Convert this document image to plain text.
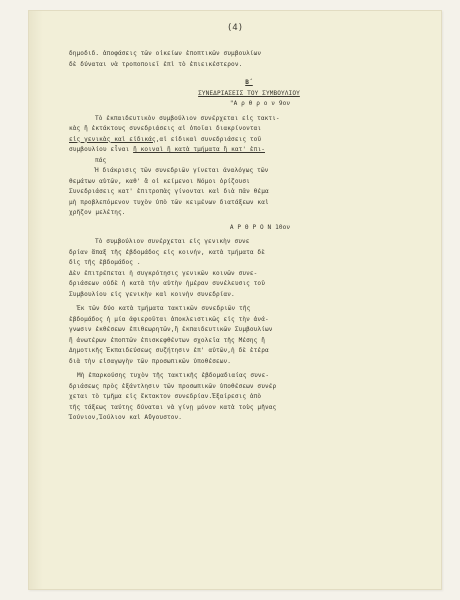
(4)
δημοδιδ. ἀποφάσεις τῶν οἰκείων ἐποπτικῶν συμβουλίων
δὲ δύναται νὰ τροποποιεῖ ἐπὶ τὸ ἐπιεικέστερον.
Β΄
ΣΥΝΕΔΡΙΑΣΕΙΣ ΤΟΥ ΣΥΜΒΟΥΛΙΟΥ
"Α ρ θ ρ ο ν 9ον
Τὸ ἐκπαιδευτικὸν συμβούλιον συνέρχεται εἰς τακτι-
κὰς ἢ ἐκτάκτους συνεδριάσεις αἱ ὁποῖαι διακρίνονται
εἰς γενικὰς καὶ εἰδικάς,αἱ εἰδικαὶ συνεδριάσεις τοῦ
συμβουλίου εἶναι ἢ κοιναὶ ἢ κατὰ τμήματα ἢ κατ' ἐπι-
πάς
Ἡ διάκρισις τῶν συνεδριῶν γίνεται ἀναλόγως τῶν
θεμάτων αὐτῶν, καθ' ἃ οἱ κείμενοι Νόμοι ὁρίζουσι
Συνεδριάσεις κατ' ἐπιτροπὰς γίνονται καὶ διὰ πᾶν θέμα
μὴ προβλεπόμενον τυχὸν ὑπὸ τῶν κειμένων διατάξεων καὶ
χρῆζον μελέτης.
Α Ρ Θ Ρ Ο Ν 10ον
Τὸ συμβούλιον συνέρχεται εἰς γενικὴν συνε
δρίαν ἅπαξ τῆς ἑβδομάδος εἰς κοινήν, κατὰ τμήματα δὲ
δὶς τῆς ἑβδομάδος .
Δὲν ἐπιτρέπεται ἡ συγκρότησις γενικῶν κοινῶν συνε-
δριάσεων οὐδὲ ἡ κατὰ τὴν αὐτὴν ἡμέραν συνέλευσις τοῦ
Συμβουλίου εἰς γενικὴν καὶ κοινὴν συνεδρίαν.
Ἐκ τῶν δύο κατὰ τμήματα τακτικῶν συνεδριῶν τῆς
ἑβδομάδος ἡ μία ἀφιεροῦται ἀποκλειστικῶς εἰς τὴν ἀνά-
γνωσιν ἐκθέσεων ἐπιθεωρητῶν,ἢ ἐκπαιδευτικῶν Συμβουλίων
ἢ ἀνωτέρων ἐποπτῶν ἐπισκεφθέντων σχολεῖα τῆς Μέσης ἢ
Δημοτικῆς Ἐκπαιδεύσεως συζήτησιν ἐπ' αὐτῶν,ἡ δὲ ἑτέρα
διὰ τὴν εἰσαγωγὴν τῶν προσωπικῶν ὑποθέσεων.
Μὴ ἐπαρκούσης τυχὸν τῆς τακτικῆς ἑβδομαδιαίας συνε-
δριάσεως πρὸς ἐξάντλησιν τῶν προσωπικῶν ὑποθέσεων συνέρ
χεται τὸ τμῆμα εἰς ἔκτακτον συνεδρίαν.Ἐξαίρεσις ἀπὸ
τῆς τάξεως ταύτης δύναται νὰ γίνῃ μόνον κατὰ τοὺς μῆνας
Ἰούνιον,Ἰούλιον καὶ Αὔγουστον.
